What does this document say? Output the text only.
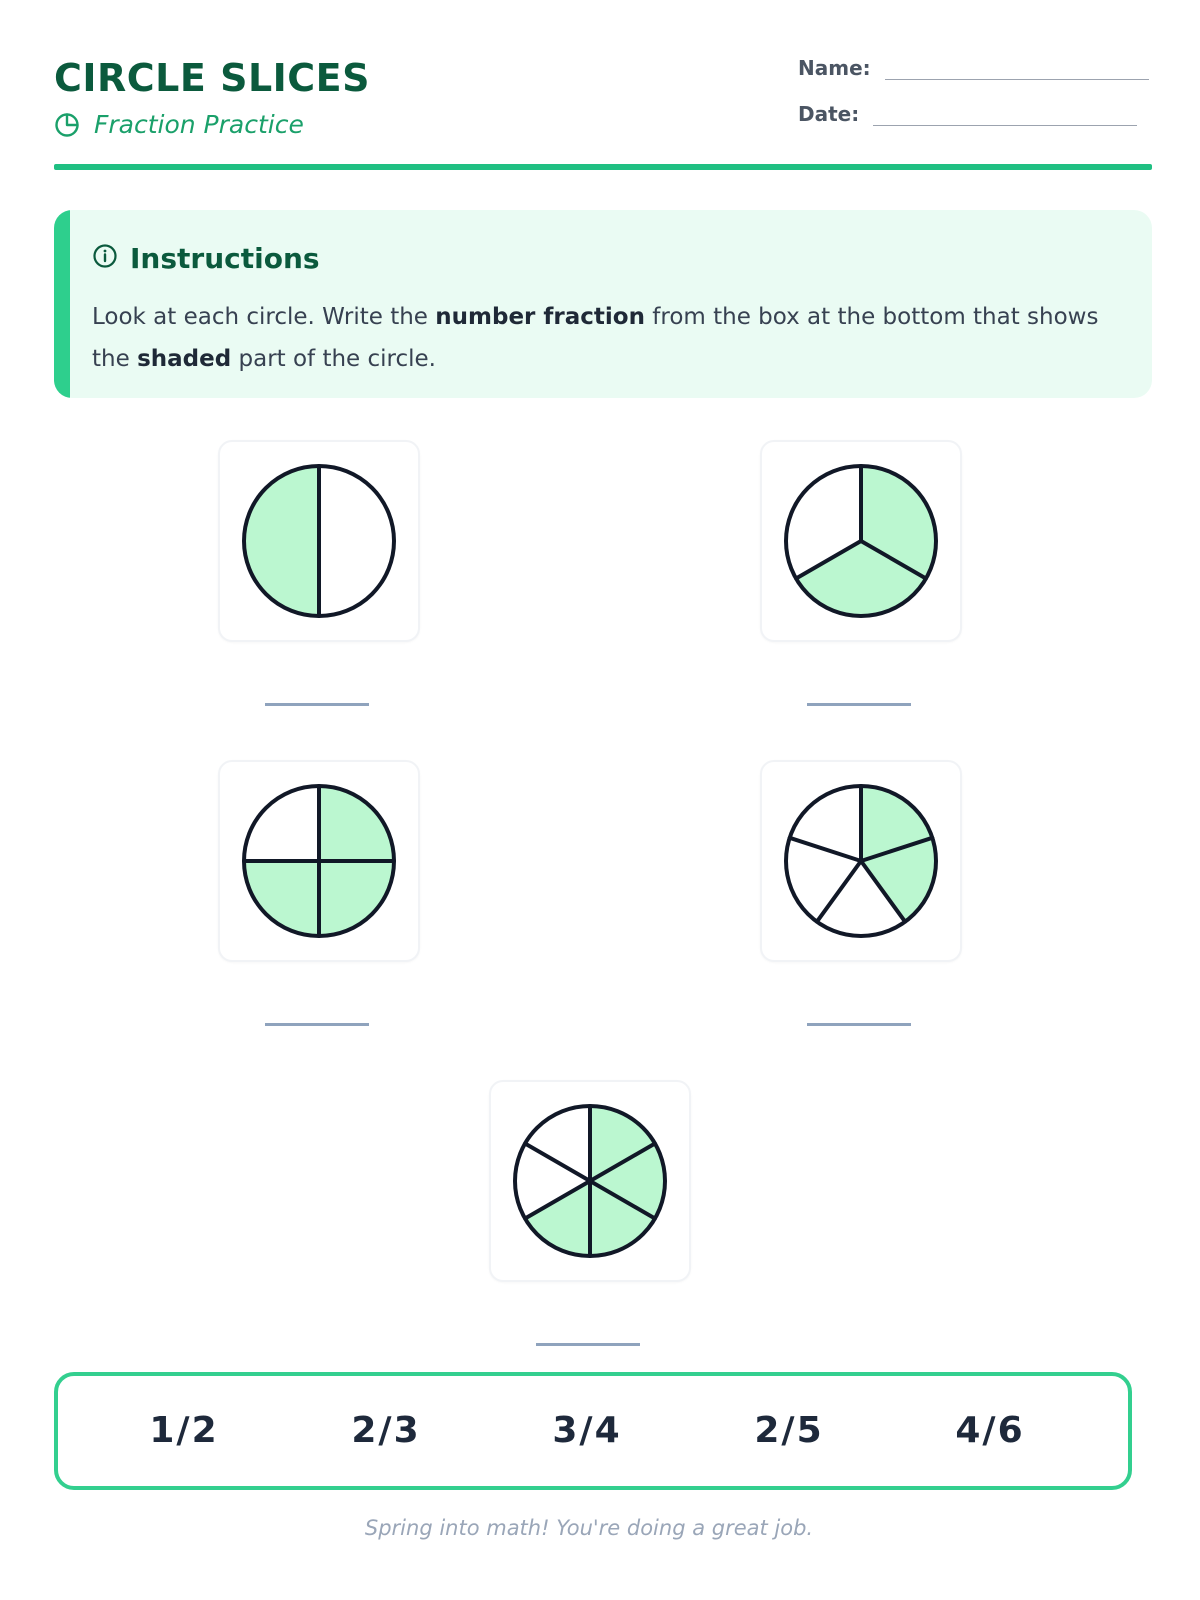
CIRCLE SLICES
Fraction Practice
Name:
Date:
Instructions
Look at each circle. Write the number fraction from the box at the bottom that shows the shaded part of the circle.
1/2	2/3	3/4	2/5	4/6
Spring into math! You're doing a great job.
